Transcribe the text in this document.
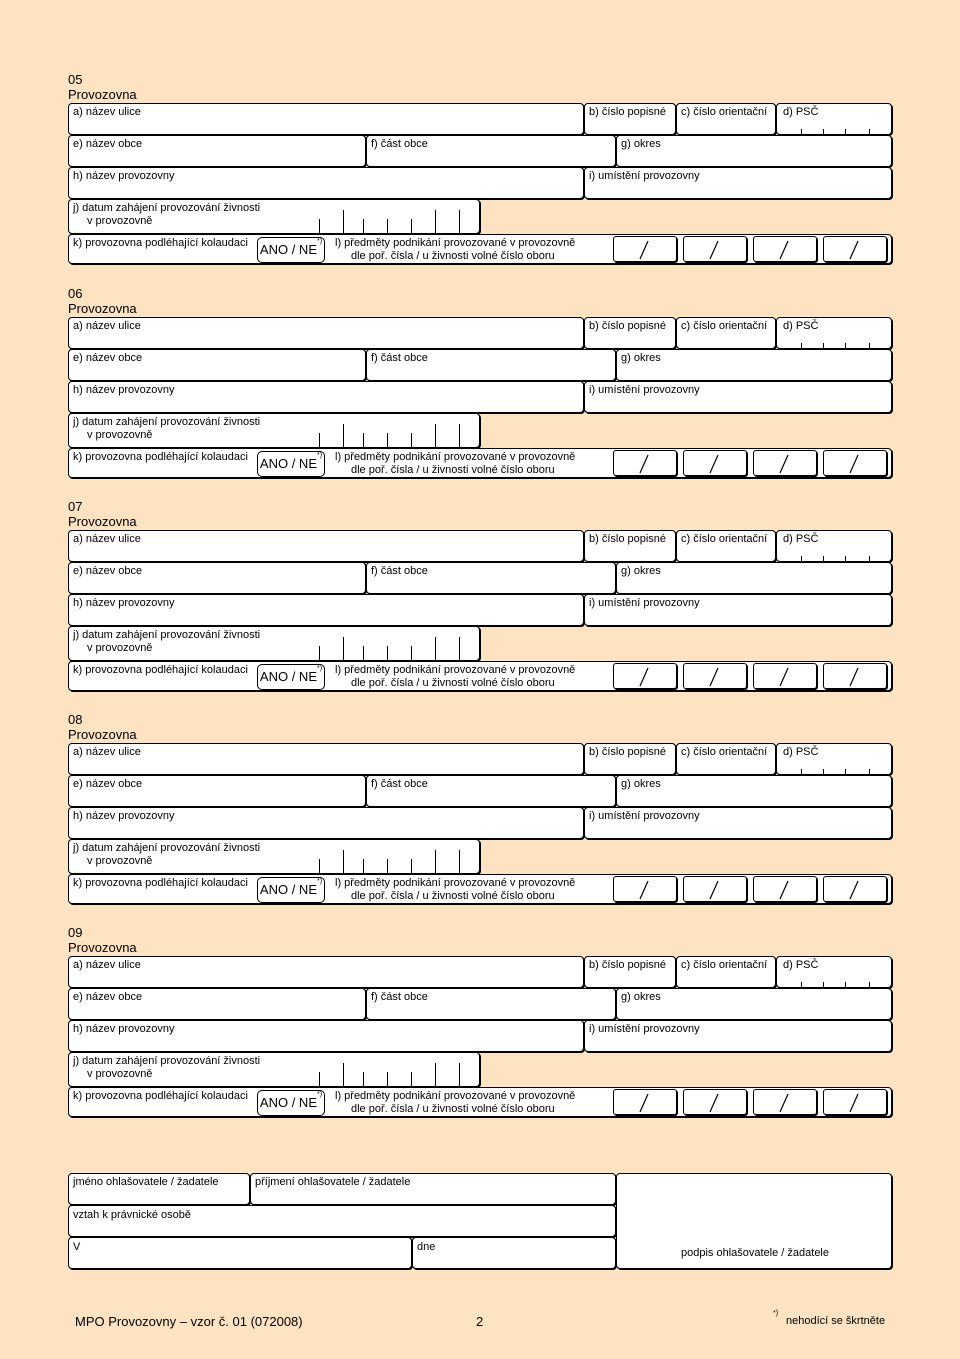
05 Provozovna
a) název ulice	b) číslo popisné c) číslo orientační d) PSČ
e) název obce	f) část obce	g) okres
h) název provozovny	i) umístění provozovny
j) datum zahájení provozování živnosti
v provozovně
k) provozovna podléhající kolaudaci ANO / NE*) l) předměty podnikání provozované v provozovně
dle poř. čísla / u živnosti volné číslo oboru
06 Provozovna
a) název ulice	b) číslo popisné c) číslo orientační d) PSČ
e) název obce	f) část obce	g) okres
h) název provozovny	i) umístění provozovny
j) datum zahájení provozování živnosti
v provozovně
k) provozovna podléhající kolaudaci ANO / NE*) l) předměty podnikání provozované v provozovně
dle poř. čísla / u živnosti volné číslo oboru
07 Provozovna
a) název ulice	b) číslo popisné c) číslo orientační d) PSČ
e) název obce	f) část obce	g) okres
h) název provozovny	i) umístění provozovny
j) datum zahájení provozování živnosti
v provozovně
k) provozovna podléhající kolaudaci ANO / NE*) l) předměty podnikání provozované v provozovně
dle poř. čísla / u živnosti volné číslo oboru
08 Provozovna
a) název ulice	b) číslo popisné c) číslo orientační d) PSČ
e) název obce	f) část obce	g) okres
h) název provozovny	i) umístění provozovny
j) datum zahájení provozování živnosti
v provozovně
k) provozovna podléhající kolaudaci ANO / NE*) l) předměty podnikání provozované v provozovně
dle poř. čísla / u živnosti volné číslo oboru
09 Provozovna
a) název ulice	b) číslo popisné c) číslo orientační d) PSČ
e) název obce	f) část obce	g) okres
h) název provozovny	i) umístění provozovny
j) datum zahájení provozování živnosti
v provozovně
k) provozovna podléhající kolaudaci ANO / NE*) l) předměty podnikání provozované v provozovně
dle poř. čísla / u živnosti volné číslo oboru
jméno ohlašovatele / žadatele	příjmení ohlašovatele / žadatele
vztah k právnické osobě
V	dne	podpis ohlašovatele / žadatele
MPO Provozovny – vzor č. 01 (072008)	2
*)
nehodící se škrtněte
